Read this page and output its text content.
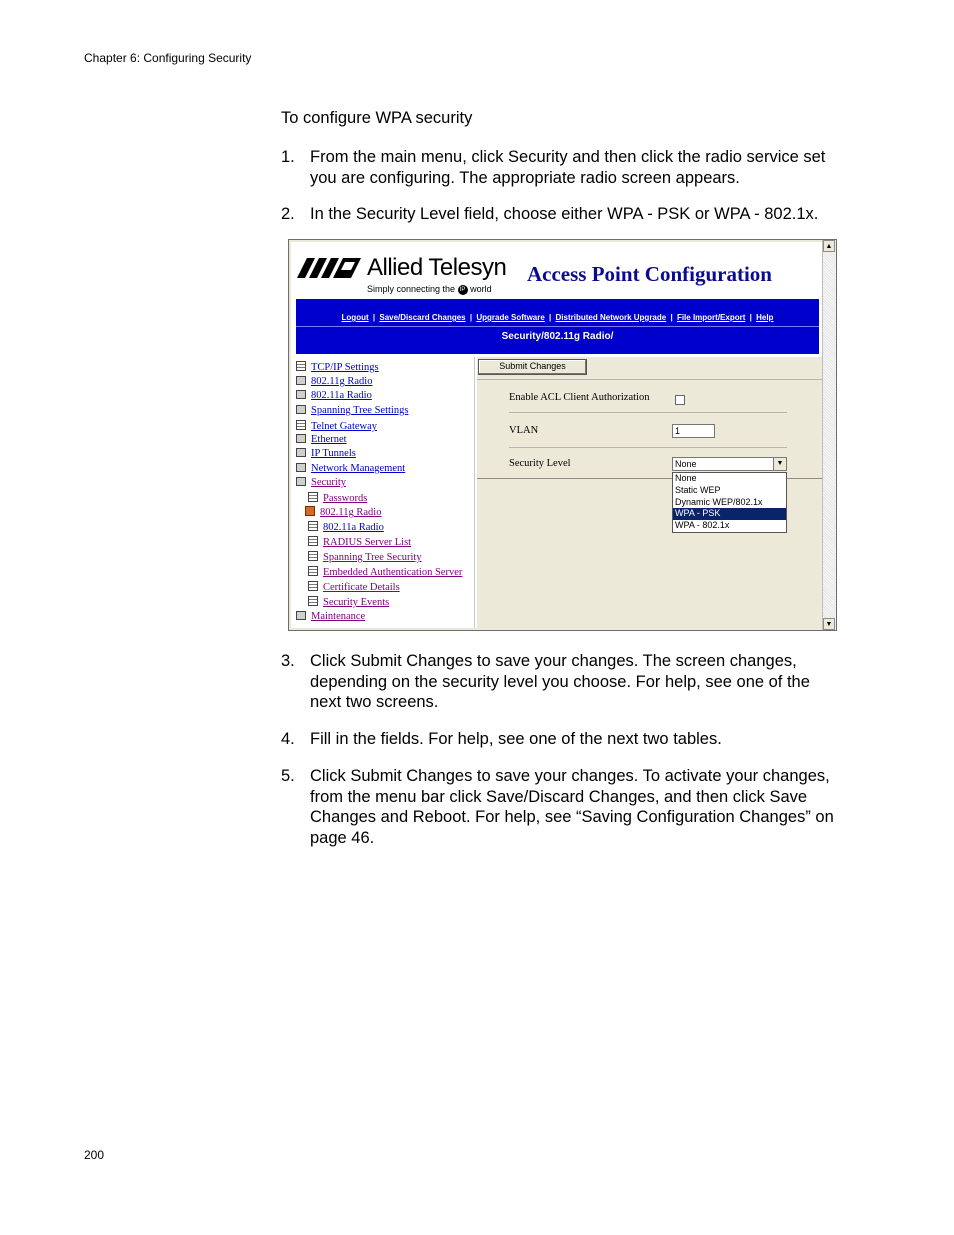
Chapter 6: Configuring Security
To configure WPA security
1. From the main menu, click Security and then click the radio service set you are configuring. The appropriate radio screen appears.
2. In the Security Level field, choose either WPA - PSK or WPA - 802.1x.
Allied Telesyn
Simply connecting the IP world
Access Point Configuration
Logout | Save/Discard Changes | Upgrade Software | Distributed Network Upgrade | File Import/Export | Help
Security/802.11g Radio/
TCP/IP Settings
802.11g Radio
802.11a Radio
Spanning Tree Settings
Telnet Gateway
Ethernet
IP Tunnels
Network Management
Security
Passwords
802.11g Radio
802.11a Radio
RADIUS Server List
Spanning Tree Security
Embedded Authentication Server
Certificate Details
Security Events
Maintenance
Submit Changes
Enable ACL Client Authorization
VLAN	1
Security Level	None	▼
None
Static WEP
Dynamic WEP/802.1x
WPA - PSK
WPA - 802.1x
▲
▼
3. Click Submit Changes to save your changes. The screen changes, depending on the security level you choose. For help, see one of the next two screens.
4. Fill in the fields. For help, see one of the next two tables.
5. Click Submit Changes to save your changes. To activate your changes, from the menu bar click Save/Discard Changes, and then click Save Changes and Reboot. For help, see “Saving Configuration Changes” on page 46.
200
